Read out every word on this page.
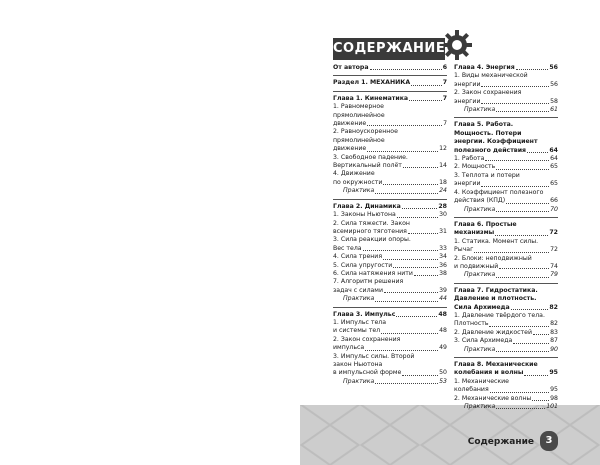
Содержание	3
СОДЕРЖАНИЕ
От автора	6
Раздел 1. МЕХАНИКА	7
Глава 1. Кинематика	7
1. Равномерное
прямолинейное
движение	7
2. Равноускоренное
прямолинейное
движение	12
3. Свободное падение.
Вертикальный полёт	14
4. Движение
по окружности	18
Практика	24
Глава 2. Динамика	28
1. Законы Ньютона	30
2. Сила тяжести. Закон
всемирного тяготения	31
3. Сила реакции опоры.
Вес тела	33
4. Сила трения	34
5. Сила упругости	36
6. Сила натяжения нити	38
7. Алгоритм решения
задач с силами	39
Практика	44
Глава 3. Импульс	48
1. Импульс тела
и системы тел	48
2. Закон сохранения
импульса	49
3. Импульс силы. Второй
закон Ньютона
в импульсной форме	50
Практика	53
Глава 4. Энергия	56
1. Виды механической
энергии	56
2. Закон сохранения
энергии	58
Практика	61
Глава 5. Работа.
Мощность. Потери
энергии. Коэффициент
полезного действия	64
1. Работа	64
2. Мощность	65
3. Теплота и потери
энергии	65
4. Коэффициент полезного
действия (КПД)	66
Практика	70
Глава 6. Простые
механизмы	72
1. Статика. Момент силы.
Рычаг	72
2. Блоки: неподвижный
и подвижный	74
Практика	79
Глава 7. Гидростатика.
Давление и плотность.
Сила Архимеда	82
1. Давление твёрдого тела.
Плотность	82
2. Давление жидкостей	83
3. Сила Архимеда	87
Практика	90
Глава 8. Механические
колебания и волны	95
1. Механические
колебания	95
2. Механические волны	98
Практика	101
